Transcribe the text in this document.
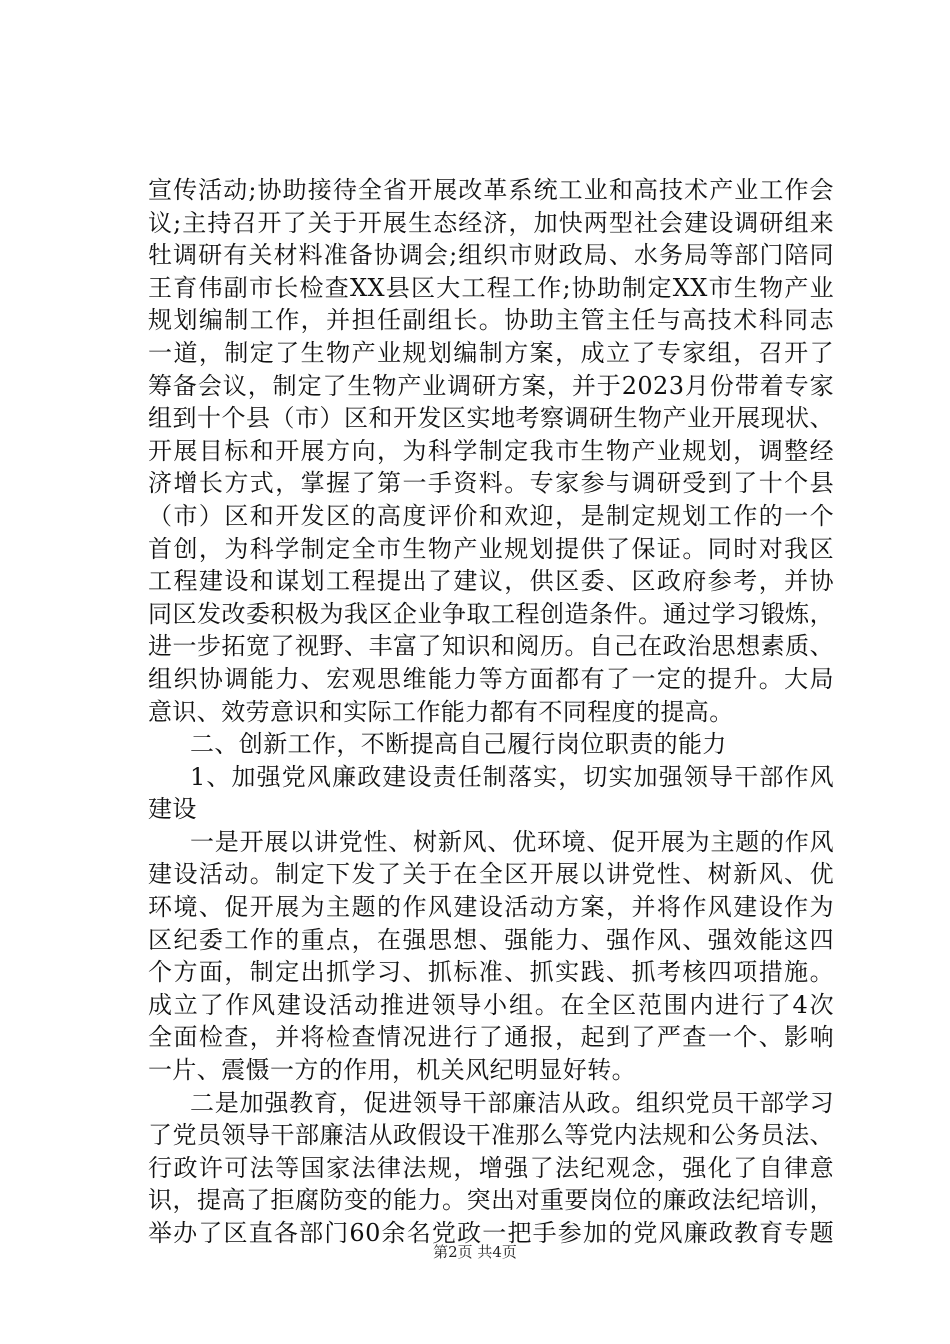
宣传活动;协助接待全省开展改革系统工业和高技术产业工作会
议;主持召开了关于开展生态经济，加快两型社会建设调研组来
牡调研有关材料准备协调会;组织市财政局、水务局等部门陪同
王育伟副市长检查XX县区大工程工作;协助制定XX市生物产业
规划编制工作，并担任副组长。协助主管主任与高技术科同志
一道，制定了生物产业规划编制方案，成立了专家组，召开了
筹备会议，制定了生物产业调研方案，并于2023月份带着专家
组到十个县（市）区和开发区实地考察调研生物产业开展现状、
开展目标和开展方向，为科学制定我市生物产业规划，调整经
济增长方式，掌握了第一手资料。专家参与调研受到了十个县
（市）区和开发区的高度评价和欢迎，是制定规划工作的一个
首创，为科学制定全市生物产业规划提供了保证。同时对我区
工程建设和谋划工程提出了建议，供区委、区政府参考，并协
同区发改委积极为我区企业争取工程创造条件。通过学习锻炼，
进一步拓宽了视野、丰富了知识和阅历。自己在政治思想素质、
组织协调能力、宏观思维能力等方面都有了一定的提升。大局
意识、效劳意识和实际工作能力都有不同程度的提高。
二、创新工作，不断提高自己履行岗位职责的能力
1、加强党风廉政建设责任制落实，切实加强领导干部作风
建设
一是开展以讲党性、树新风、优环境、促开展为主题的作风
建设活动。制定下发了关于在全区开展以讲党性、树新风、优
环境、促开展为主题的作风建设活动方案，并将作风建设作为
区纪委工作的重点，在强思想、强能力、强作风、强效能这四
个方面，制定出抓学习、抓标准、抓实践、抓考核四项措施。
成立了作风建设活动推进领导小组。在全区范围内进行了4次
全面检查，并将检查情况进行了通报，起到了严查一个、影响
一片、震慑一方的作用，机关风纪明显好转。
二是加强教育，促进领导干部廉洁从政。组织党员干部学习
了党员领导干部廉洁从政假设干准那么等党内法规和公务员法、
行政许可法等国家法律法规，增强了法纪观念，强化了自律意
识，提高了拒腐防变的能力。突出对重要岗位的廉政法纪培训，
举办了区直各部门60余名党政一把手参加的党风廉政教育专题
第2页 共4页
